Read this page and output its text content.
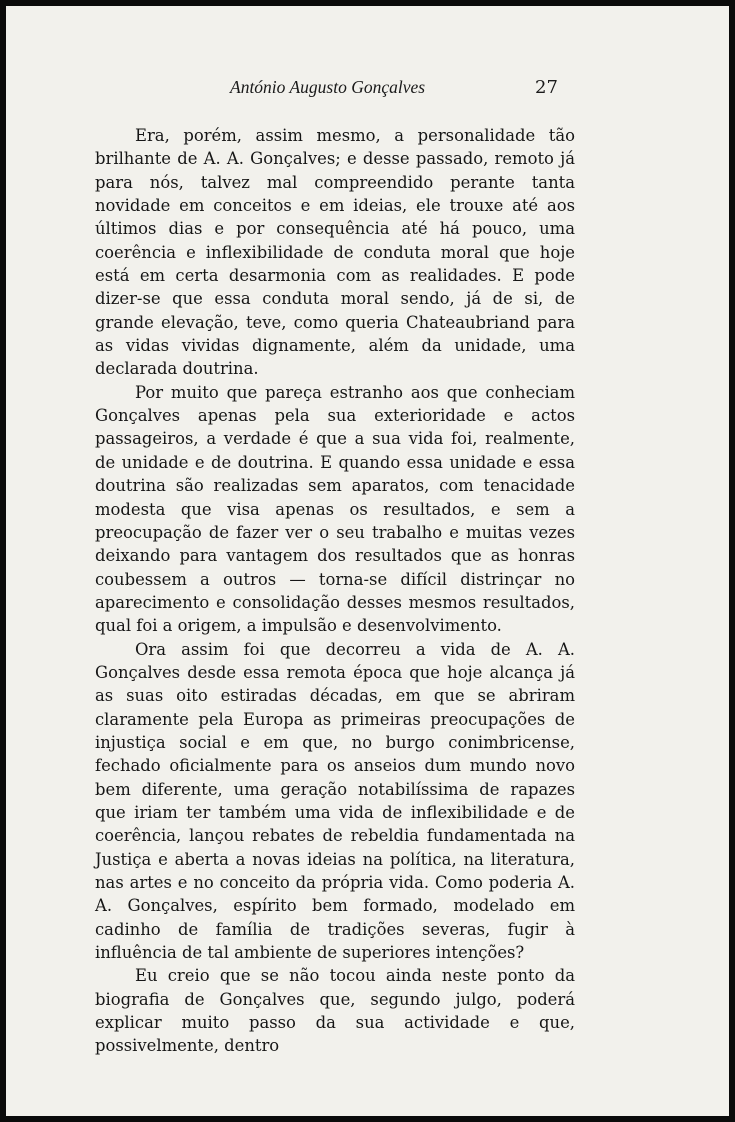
António Augusto Gonçalves	27

Era, porém, assim mesmo, a personalidade tão brilhante de A. A. Gonçalves; e desse passado, remoto já para nós, talvez mal compreendido perante tanta novidade em conceitos e em ideias, ele trouxe até aos últimos dias e por consequência até há pouco, uma coerência e inflexibilidade de conduta moral que hoje está em certa desarmonia com as realidades. E pode dizer-se que essa conduta moral sendo, já de si, de grande elevação, teve, como queria Chateaubriand para as vidas vividas dignamente, além da unidade, uma declarada doutrina.

Por muito que pareça estranho aos que conheciam Gonçalves apenas pela sua exterioridade e actos passageiros, a verdade é que a sua vida foi, realmente, de unidade e de doutrina. E quando essa unidade e essa doutrina são realizadas sem aparatos, com tenacidade modesta que visa apenas os resultados, e sem a preocupação de fazer ver o seu trabalho e muitas vezes deixando para vantagem dos resultados que as honras coubessem a outros — torna-se difícil distrinçar no aparecimento e consolidação desses mesmos resultados, qual foi a origem, a impulsão e desenvolvimento.

Ora assim foi que decorreu a vida de A. A. Gonçalves desde essa remota época que hoje alcança já as suas oito estiradas décadas, em que se abriram claramente pela Europa as primeiras preocupações de injustiça social e em que, no burgo conimbricense, fechado oficialmente para os anseios dum mundo novo bem diferente, uma geração notabilíssima de rapazes que iriam ter também uma vida de inflexibilidade e de coerência, lançou rebates de rebeldia fundamentada na Justiça e aberta a novas ideias na política, na literatura, nas artes e no conceito da própria vida. Como poderia A. A. Gonçalves, espírito bem formado, modelado em cadinho de família de tradições severas, fugir à influência de tal ambiente de superiores intenções?

Eu creio que se não tocou ainda neste ponto da biografia de Gonçalves que, segundo julgo, poderá explicar muito passo da sua actividade e que, possivelmente, dentro
